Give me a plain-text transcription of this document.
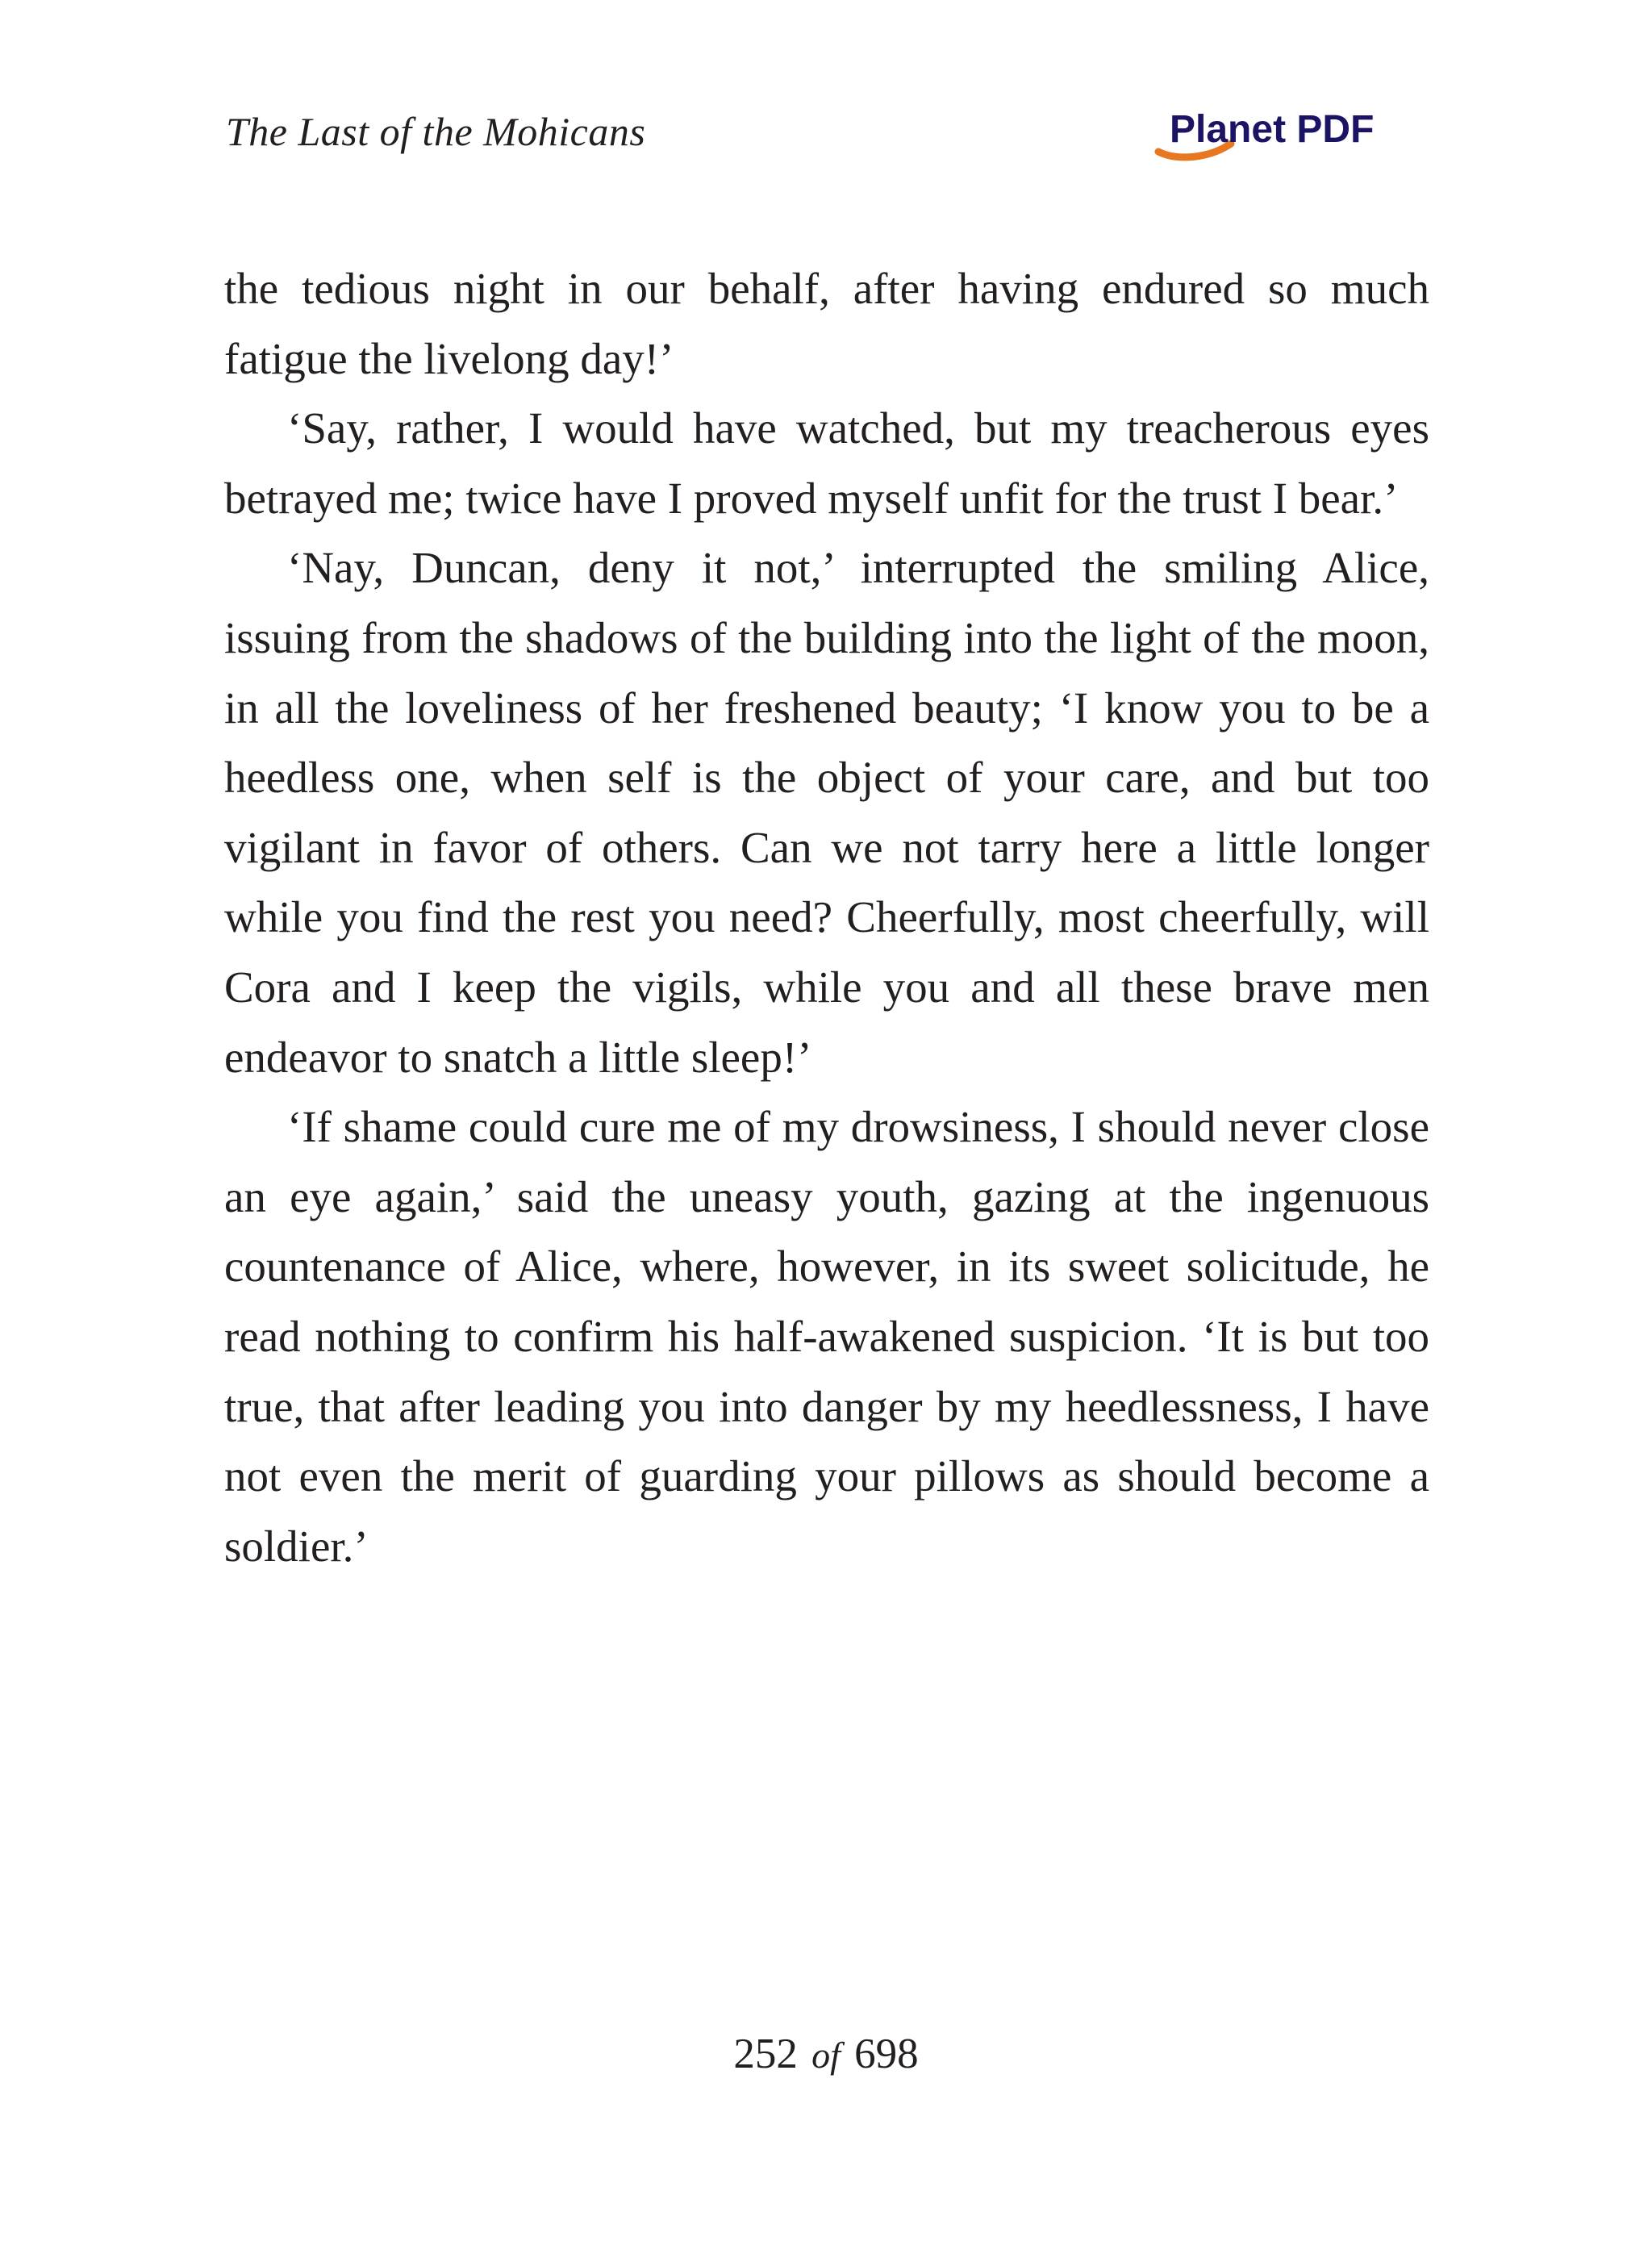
The Last of the Mohicans	Planet PDF

the tedious night in our behalf, after having endured so much fatigue the livelong day!’

‘Say, rather, I would have watched, but my treacherous eyes betrayed me; twice have I proved myself unfit for the trust I bear.’

‘Nay, Duncan, deny it not,’ interrupted the smiling Alice, issuing from the shadows of the building into the light of the moon, in all the loveliness of her freshened beauty; ‘I know you to be a heedless one, when self is the object of your care, and but too vigilant in favor of others. Can we not tarry here a little longer while you find the rest you need? Cheerfully, most cheerfully, will Cora and I keep the vigils, while you and all these brave men endeavor to snatch a little sleep!’

‘If shame could cure me of my drowsiness, I should never close an eye again,’ said the uneasy youth, gazing at the ingenuous countenance of Alice, where, however, in its sweet solicitude, he read nothing to confirm his half-awakened suspicion. ‘It is but too true, that after leading you into danger by my heedlessness, I have not even the merit of guarding your pillows as should become a soldier.’

252 of 698
